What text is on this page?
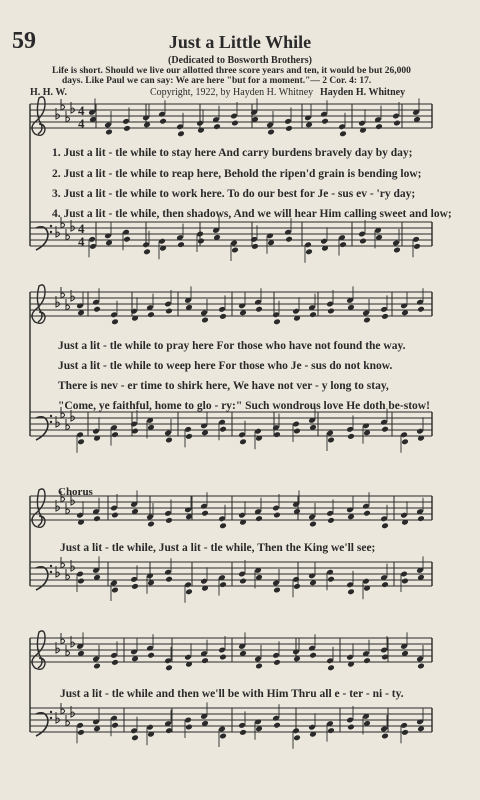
59	Just a Little While
(Dedicated to Bosworth Brothers)
Life is short. Should we live our allotted three score years and ten, it would be but 26,000
days. Like Paul we can say: We are here "but for a moment."— 2 Cor. 4: 17.
H. H. W.	Copyright, 1922, by Hayden H. Whitney Hayden H. Whitney
4
4
4
4
1. Just a lit - tle while to stay here And carry burdens bravely day by day;
2. Just a lit - tle while to reap here, Behold the ripen'd grain is bending low;
3. Just a lit - tle while to work here. To do our best for Je - sus ev - 'ry day;
4. Just a lit - tle while, then shadows, And we will hear Him calling sweet and low;
Just a lit - tle while to pray here For those who have not found the way.
Just a lit - tle while to weep here For those who Je - sus do not know.
There is nev - er time to shirk here, We have not ver - y long to stay,
"Come, ye faithful, home to glo - ry:" Such wondrous love He doth be-stow!
Chorus
Just a lit - tle while, Just a lit - tle while, Then the King we'll see;
Just a lit - tle while and then we'll be with Him Thru all e - ter - ni - ty.
